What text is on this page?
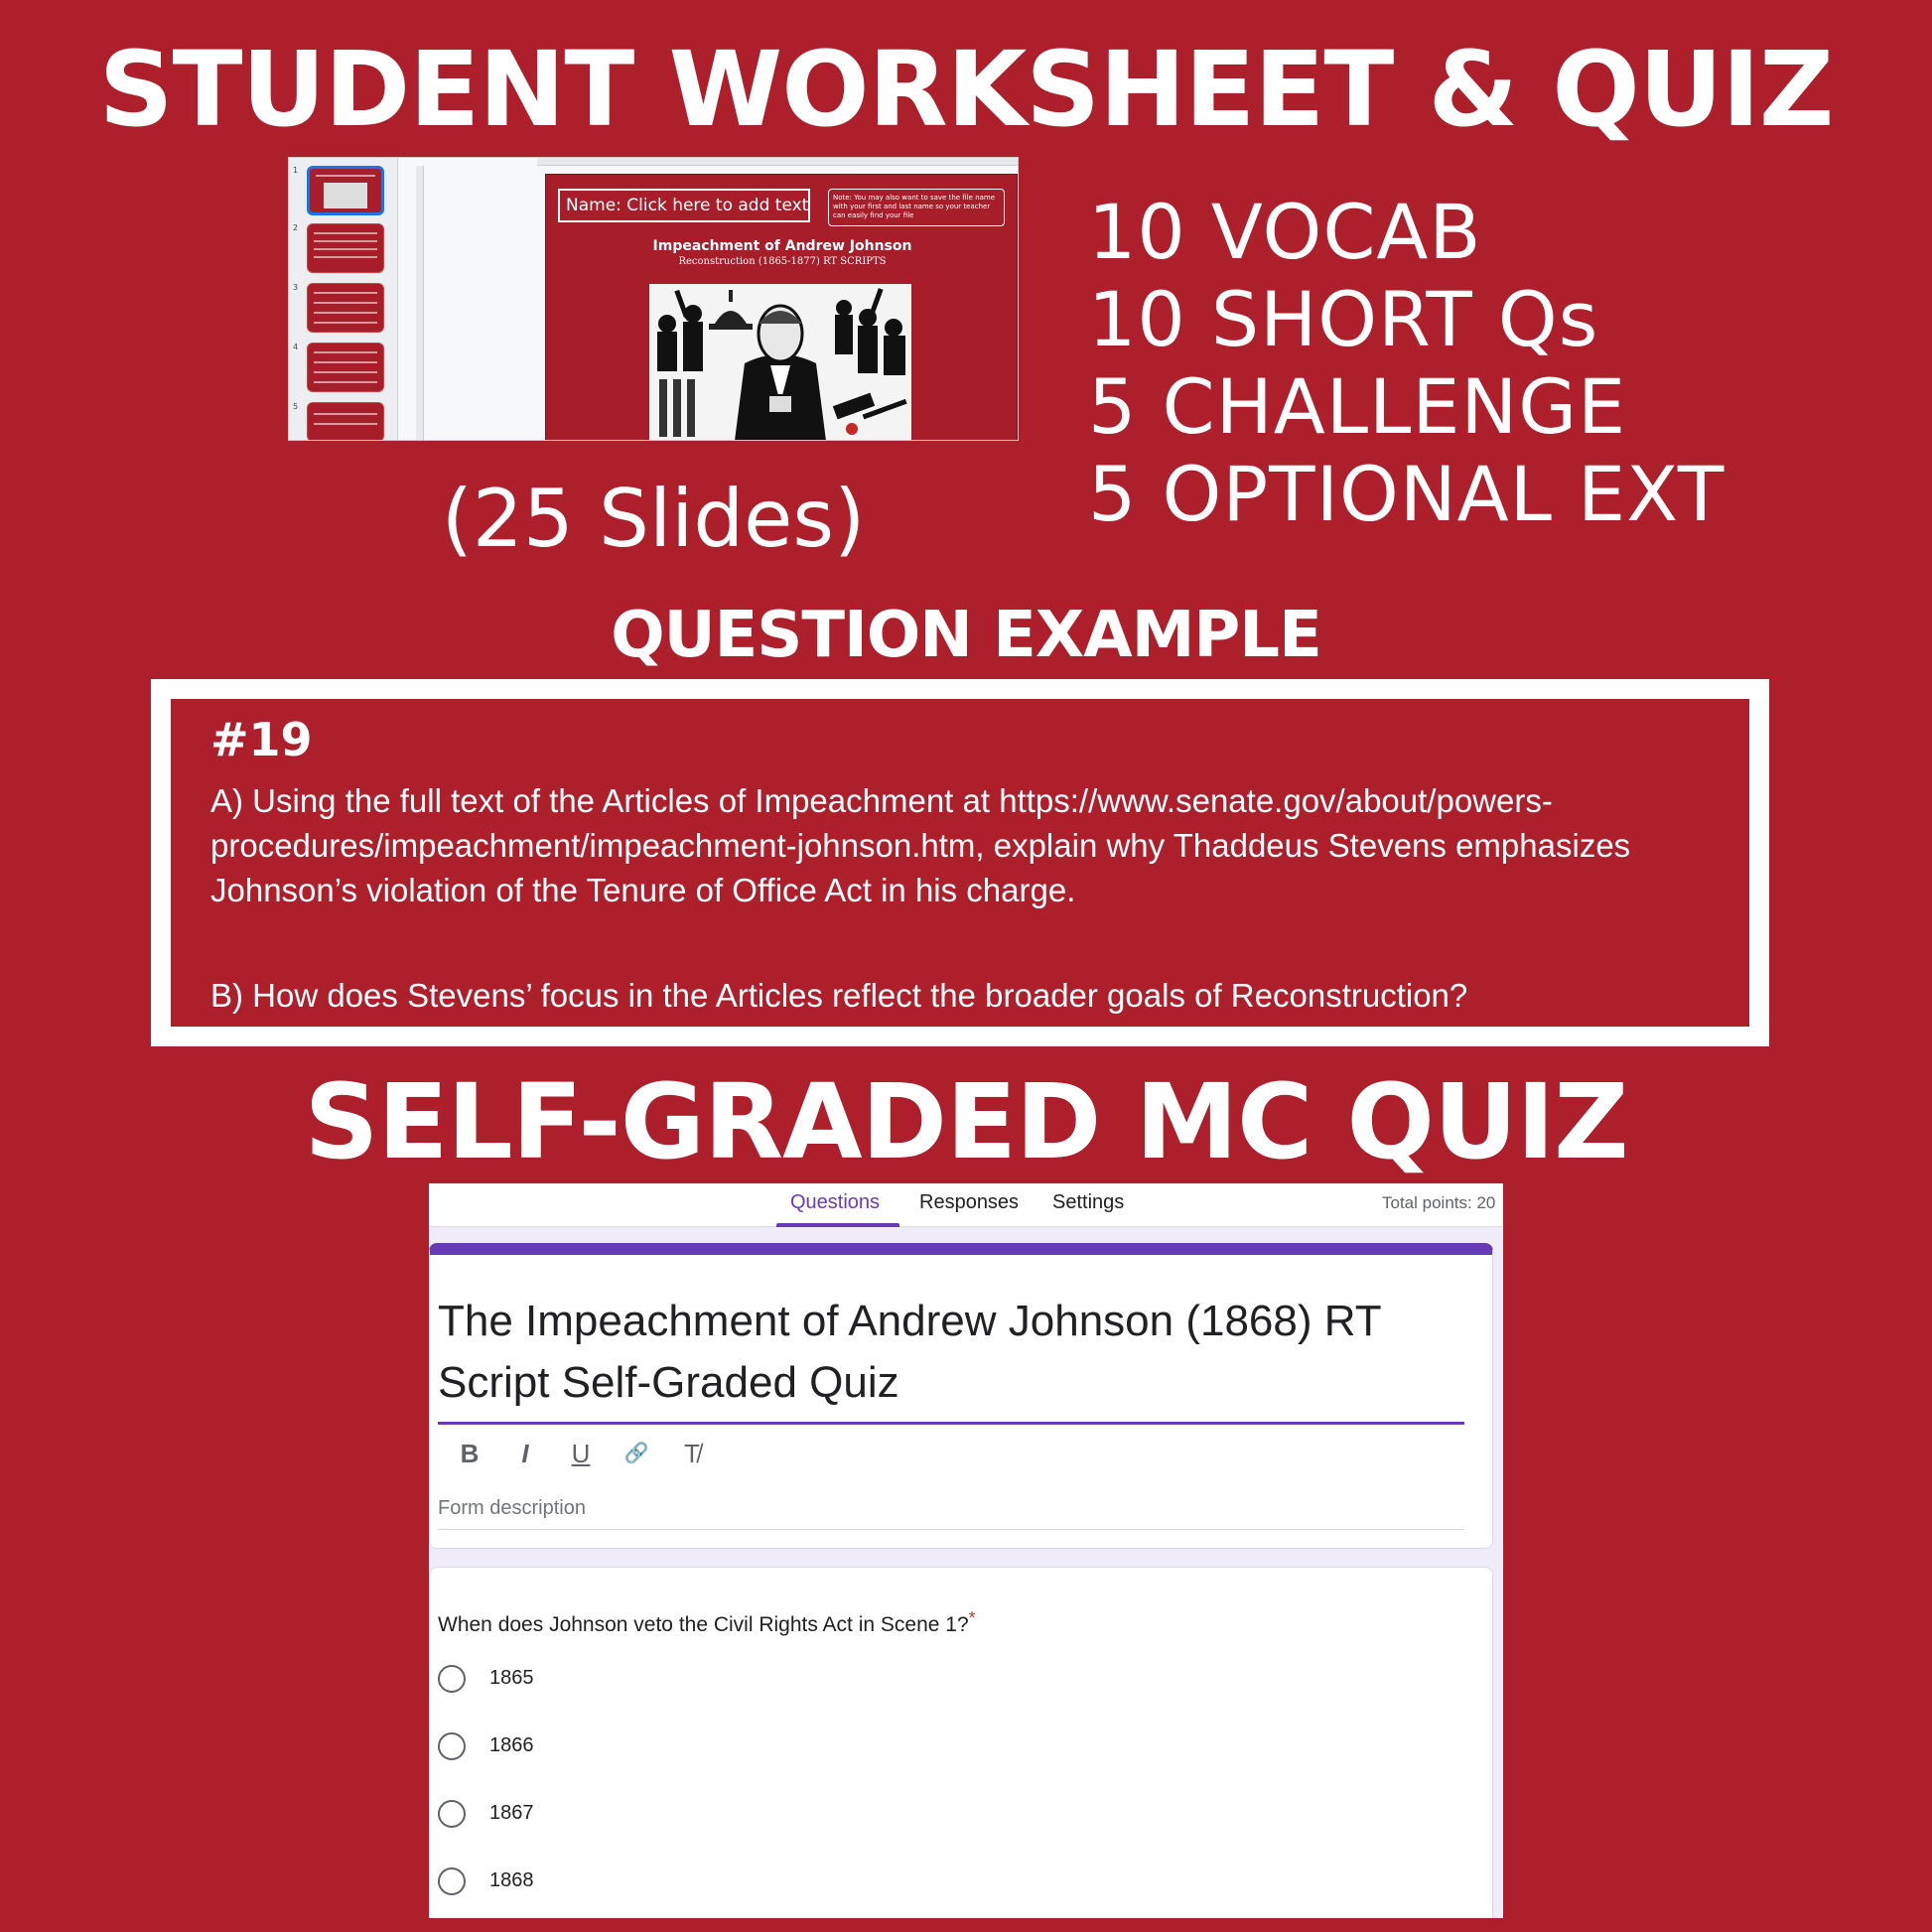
STUDENT WORKSHEET & QUIZ
1
2
3
4
5
Name: Click here to add text	Note: You may also want to save the file name with your first and last name so your teacher can easily find your file
Impeachment of Andrew Johnson
Reconstruction (1865-1877) RT SCRIPTS
(25 Slides)
10 VOCAB
10 SHORT Qs
5 CHALLENGE
5 OPTIONAL EXT
QUESTION EXAMPLE
#19
A) Using the full text of the Articles of Impeachment at https://www.senate.gov/about/powers-procedures/impeachment/impeachment-johnson.htm, explain why Thaddeus Stevens emphasizes Johnson’s violation of the Tenure of Office Act in his charge.
B) How does Stevens’ focus in the Articles reflect the broader goals of Reconstruction?
SELF-GRADED MC QUIZ
Questions Responses Settings	Total points: 20
The Impeachment of Andrew Johnson (1868) RT Script Self-Graded Quiz
B	I	U	🔗	T̸
Form description
When does Johnson veto the Civil Rights Act in Scene 1?*
1865
1866
1867
1868
